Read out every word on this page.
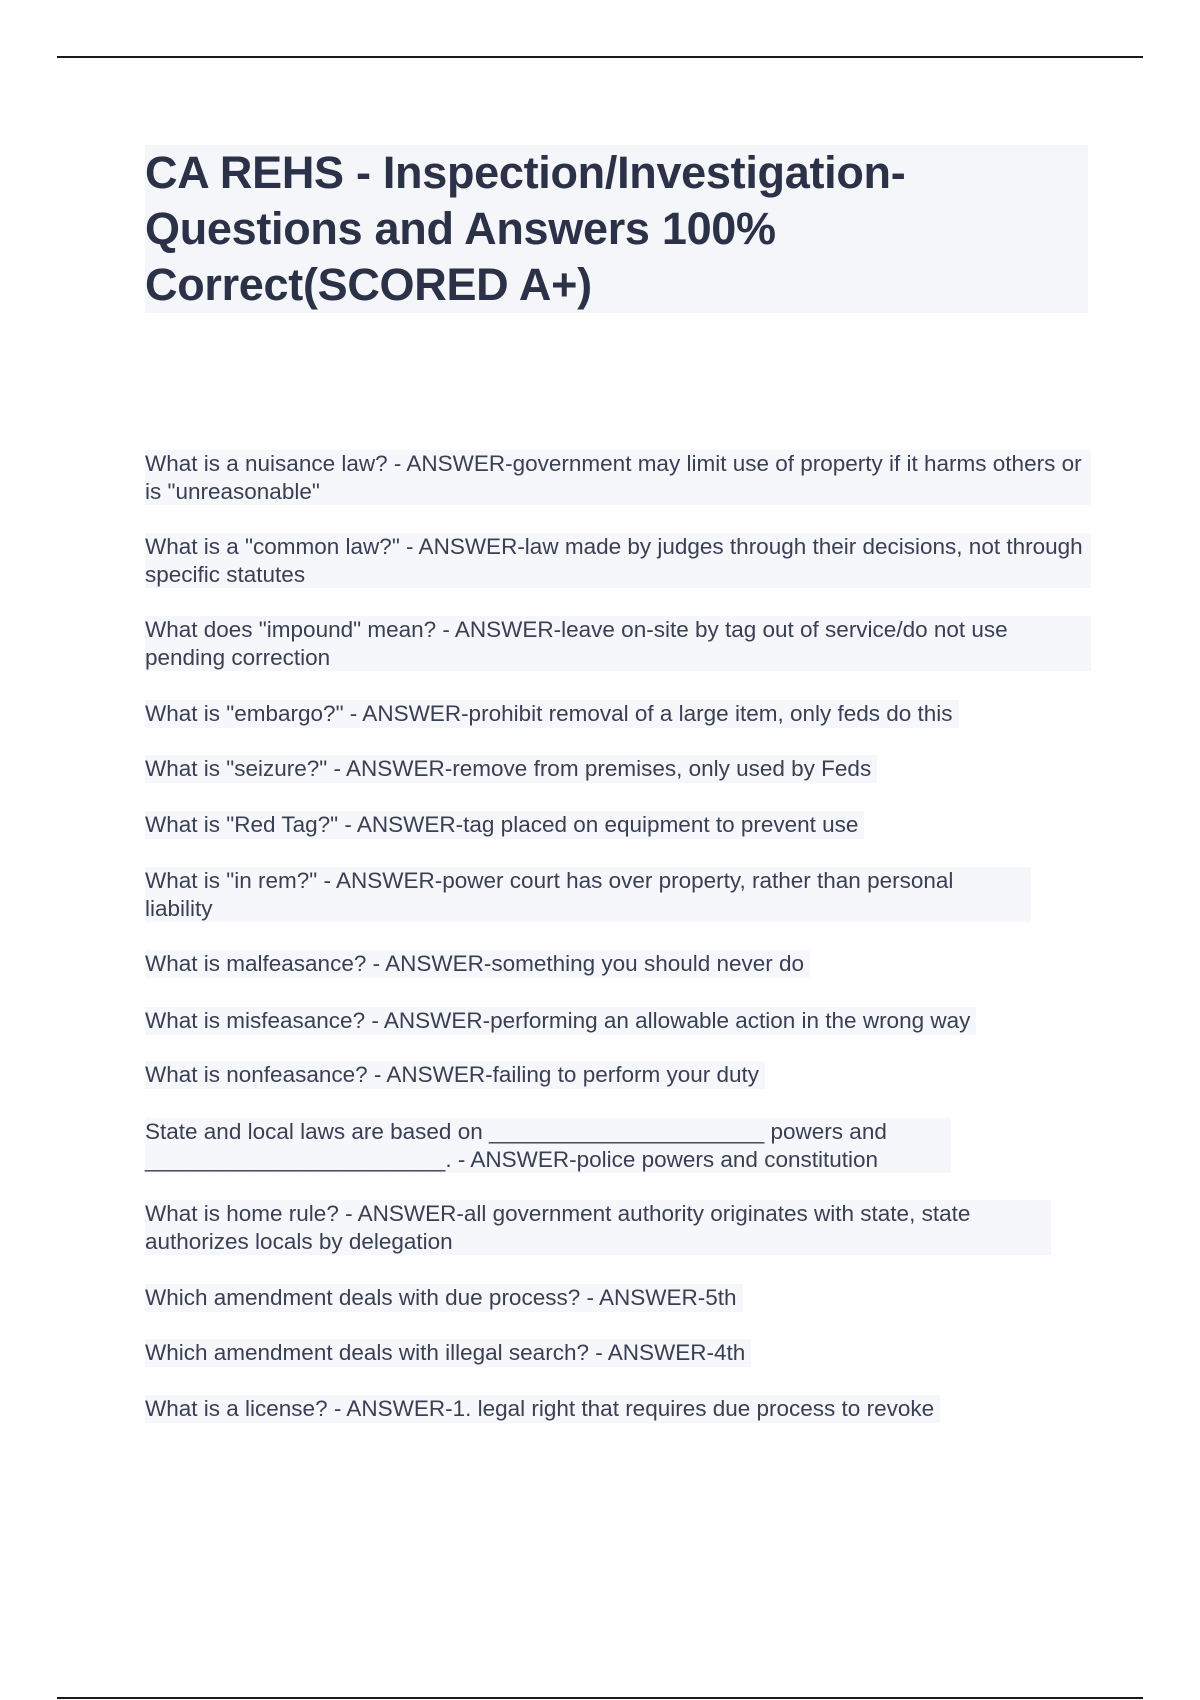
CA REHS - Inspection/Investigation- Questions and Answers 100% Correct(SCORED A+)
What is a nuisance law? - ANSWER-government may limit use of property if it harms others or is "unreasonable"
What is a "common law?" - ANSWER-law made by judges through their decisions, not through specific statutes
What does "impound" mean? - ANSWER-leave on-site by tag out of service/do not use pending correction
What is "embargo?" - ANSWER-prohibit removal of a large item, only feds do this
What is "seizure?" - ANSWER-remove from premises, only used by Feds
What is "Red Tag?" - ANSWER-tag placed on equipment to prevent use
What is "in rem?" - ANSWER-power court has over property, rather than personal liability
What is malfeasance? - ANSWER-something you should never do
What is misfeasance? - ANSWER-performing an allowable action in the wrong way
What is nonfeasance? - ANSWER-failing to perform your duty
State and local laws are based on ______________________ powers and ________________________. - ANSWER-police powers and constitution
What is home rule? - ANSWER-all government authority originates with state, state authorizes locals by delegation
Which amendment deals with due process? - ANSWER-5th
Which amendment deals with illegal search? - ANSWER-4th
What is a license? - ANSWER-1. legal right that requires due process to revoke
